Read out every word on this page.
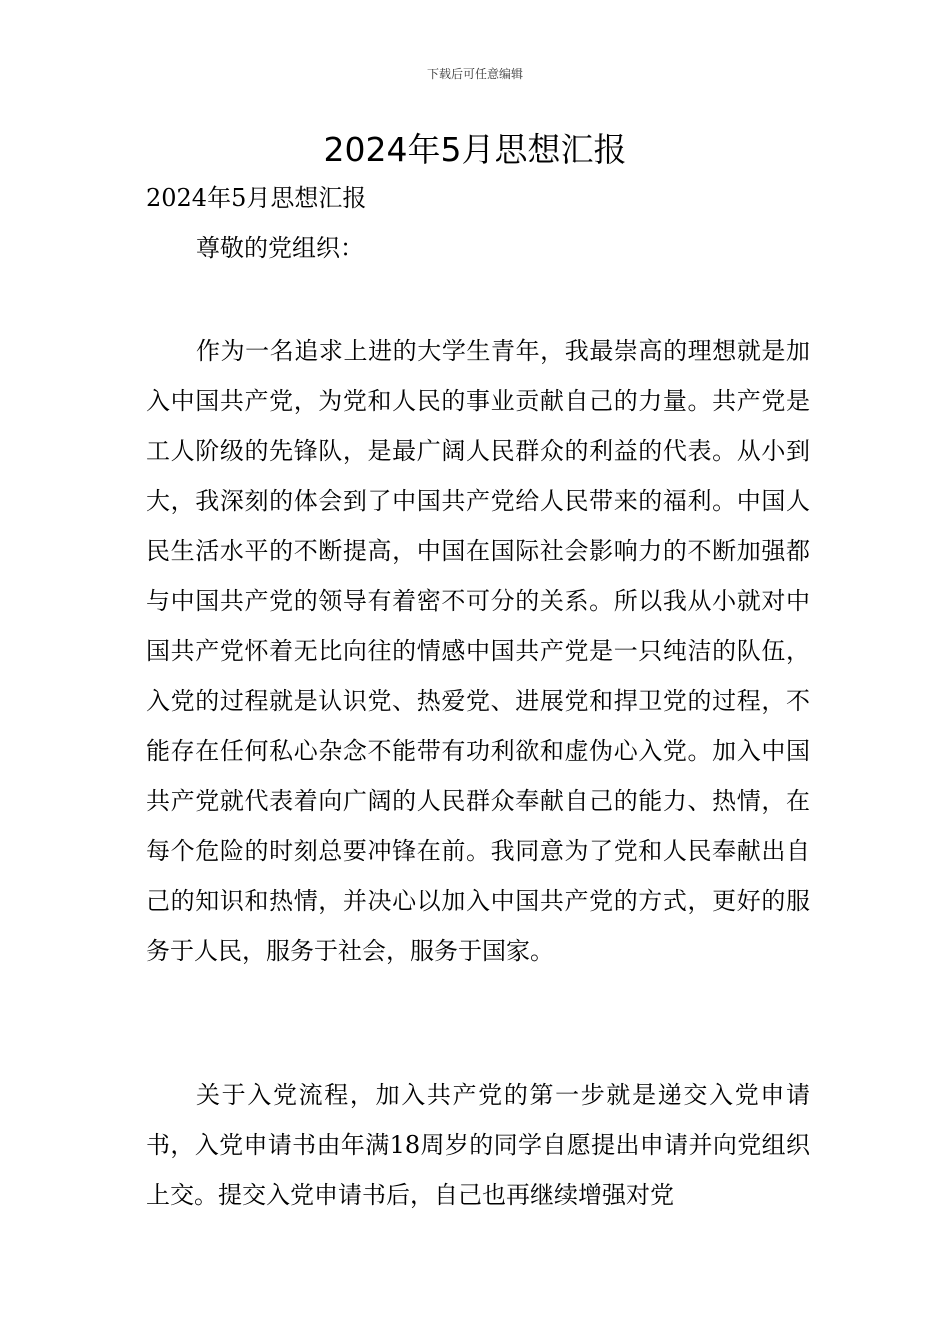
下载后可任意编辑
2024年5月思想汇报
2024年5月思想汇报
尊敬的党组织：

作为一名追求上进的大学生青年，我最崇高的理想就是加入中国共产党，为党和人民的事业贡献自己的力量。共产党是工人阶级的先锋队，是最广阔人民群众的利益的代表。从小到大，我深刻的体会到了中国共产党给人民带来的福利。中国人民生活水平的不断提高，中国在国际社会影响力的不断加强都与中国共产党的领导有着密不可分的关系。所以我从小就对中国共产党怀着无比向往的情感中国共产党是一只纯洁的队伍，入党的过程就是认识党、热爱党、进展党和捍卫党的过程，不能存在任何私心杂念不能带有功利欲和虚伪心入党。加入中国共产党就代表着向广阔的人民群众奉献自己的能力、热情，在每个危险的时刻总要冲锋在前。我同意为了党和人民奉献出自己的知识和热情，并决心以加入中国共产党的方式，更好的服务于人民，服务于社会，服务于国家。

关于入党流程，加入共产党的第一步就是递交入党申请书，入党申请书由年满18周岁的同学自愿提出申请并向党组织上交。提交入党申请书后，自己也再继续增强对党
